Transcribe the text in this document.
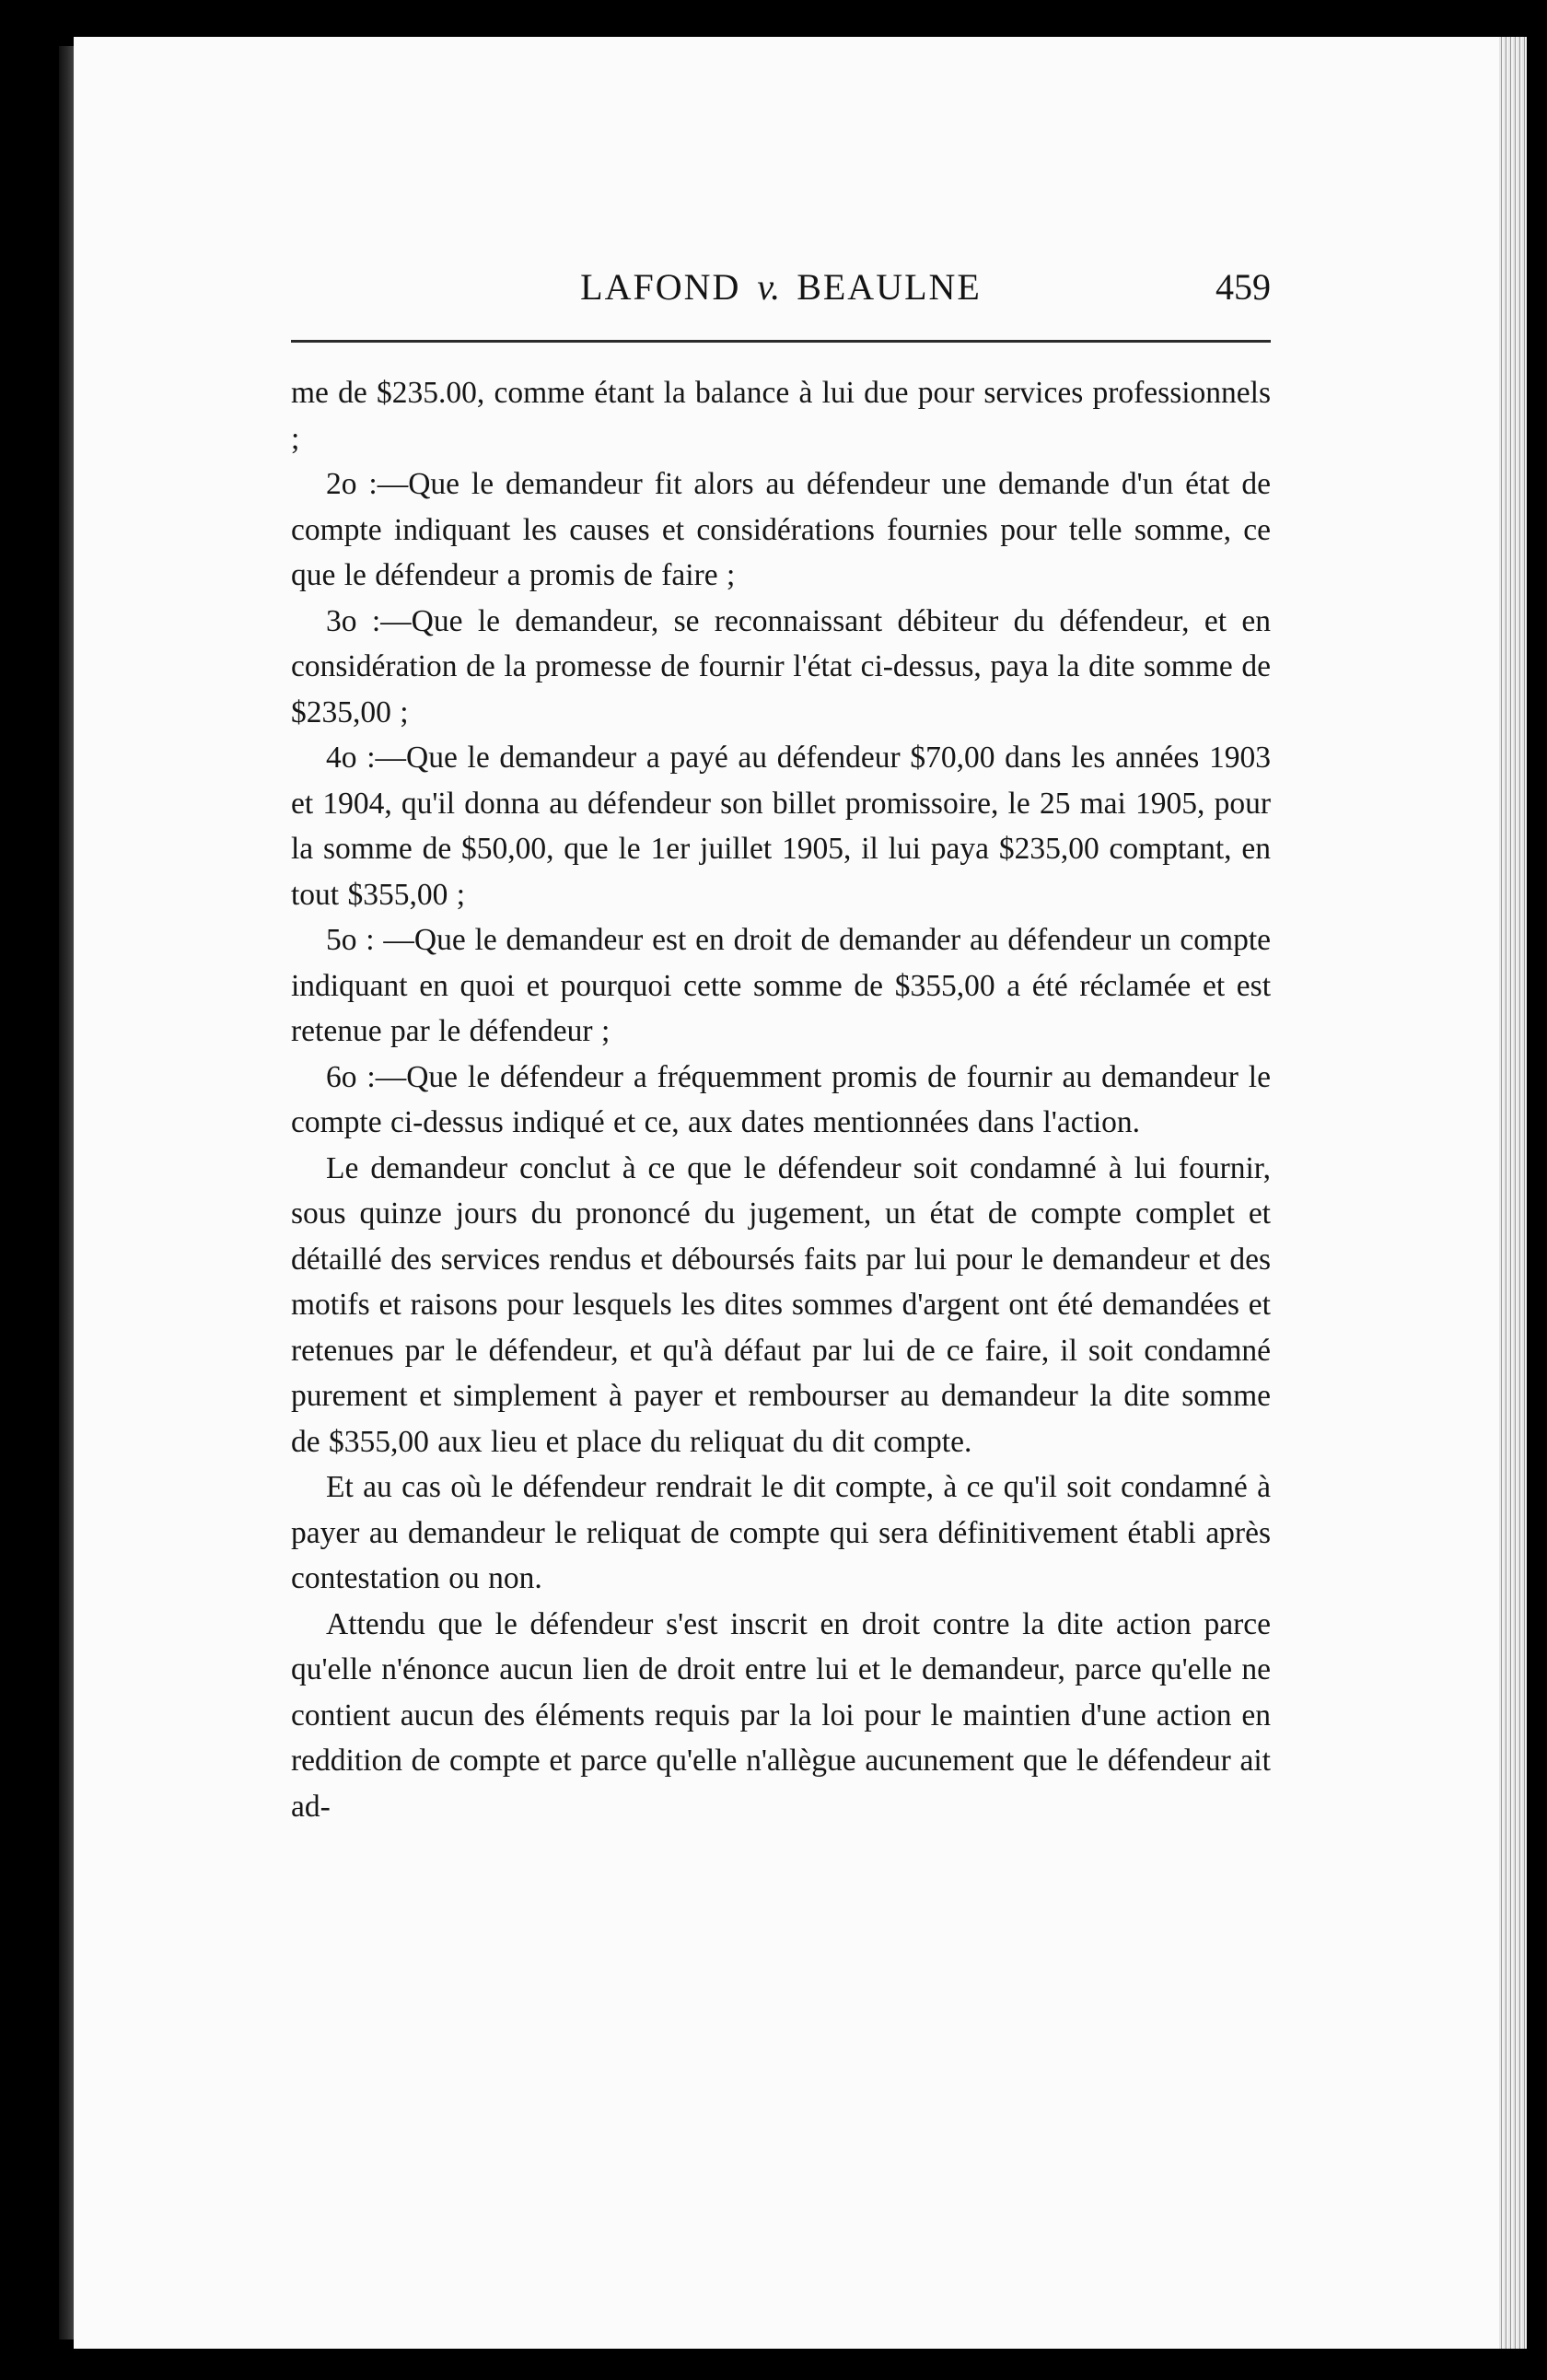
LAFOND v. BEAULNE	459

me de $235.00, comme étant la balance à lui due pour services professionnels ;

2o :—Que le demandeur fit alors au défendeur une demande d'un état de compte indiquant les causes et considérations fournies pour telle somme, ce que le défendeur a promis de faire ;

3o :—Que le demandeur, se reconnaissant débiteur du défendeur, et en considération de la promesse de fournir l'état ci-dessus, paya la dite somme de $235,00 ;

4o :—Que le demandeur a payé au défendeur $70,00 dans les années 1903 et 1904, qu'il donna au défendeur son billet promissoire, le 25 mai 1905, pour la somme de $50,00, que le 1er juillet 1905, il lui paya $235,00 comptant, en tout $355,00 ;

5o : —Que le demandeur est en droit de demander au défendeur un compte indiquant en quoi et pourquoi cette somme de $355,00 a été réclamée et est retenue par le défendeur ;

6o :—Que le défendeur a fréquemment promis de fournir au demandeur le compte ci-dessus indiqué et ce, aux dates mentionnées dans l'action.

Le demandeur conclut à ce que le défendeur soit condamné à lui fournir, sous quinze jours du prononcé du jugement, un état de compte complet et détaillé des services rendus et déboursés faits par lui pour le demandeur et des motifs et raisons pour lesquels les dites sommes d'argent ont été demandées et retenues par le défendeur, et qu'à défaut par lui de ce faire, il soit condamné purement et simplement à payer et rembourser au demandeur la dite somme de $355,00 aux lieu et place du reliquat du dit compte.

Et au cas où le défendeur rendrait le dit compte, à ce qu'il soit condamné à payer au demandeur le reliquat de compte qui sera définitivement établi après contestation ou non.

Attendu que le défendeur s'est inscrit en droit contre la dite action parce qu'elle n'énonce aucun lien de droit entre lui et le demandeur, parce qu'elle ne contient aucun des éléments requis par la loi pour le maintien d'une action en reddition de compte et parce qu'elle n'allègue aucunement que le défendeur ait ad-
